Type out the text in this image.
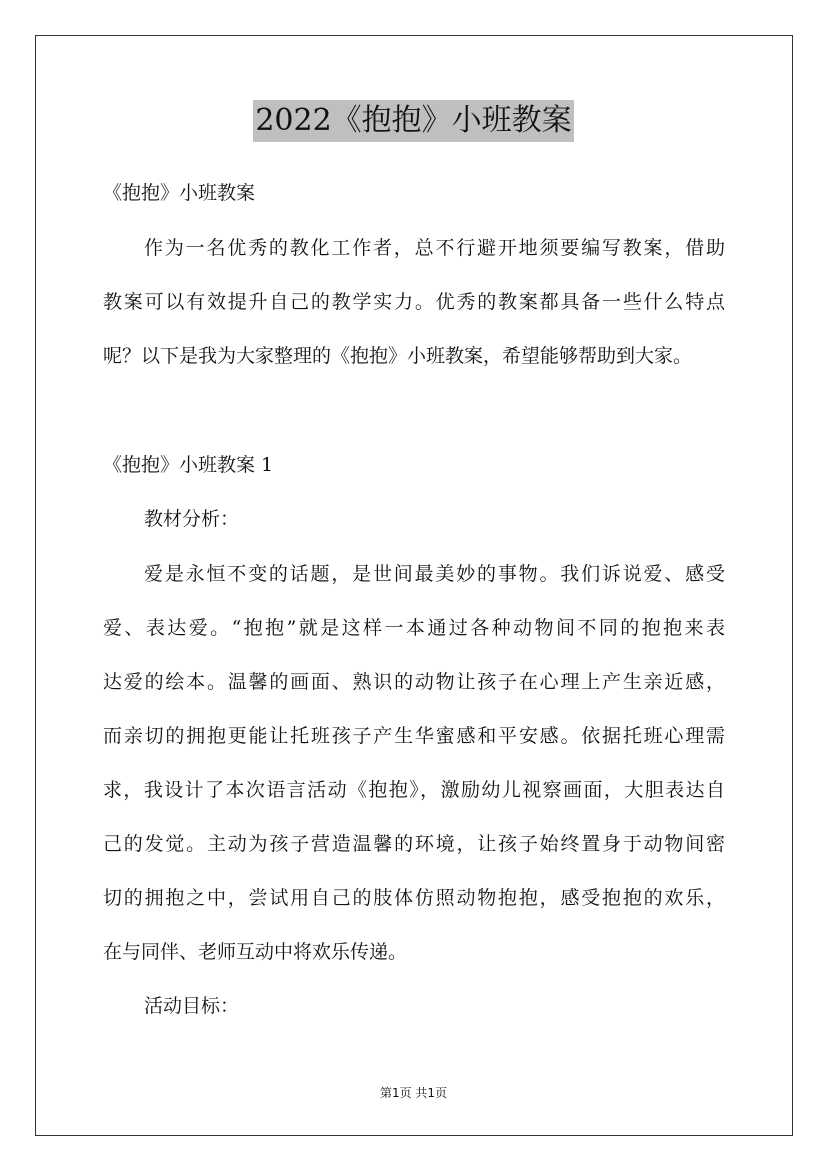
2022《抱抱》小班教案
《抱抱》小班教案
作为一名优秀的教化工作者，总不行避开地须要编写教案，借助
教案可以有效提升自己的教学实力。优秀的教案都具备一些什么特点
呢？以下是我为大家整理的《抱抱》小班教案，希望能够帮助到大家。
《抱抱》小班教案 1
教材分析：
爱是永恒不变的话题，是世间最美妙的事物。我们诉说爱、感受
爱、表达爱。“抱抱”就是这样一本通过各种动物间不同的抱抱来表
达爱的绘本。温馨的画面、熟识的动物让孩子在心理上产生亲近感，
而亲切的拥抱更能让托班孩子产生华蜜感和平安感。依据托班心理需
求，我设计了本次语言活动《抱抱》，激励幼儿视察画面，大胆表达自
己的发觉。主动为孩子营造温馨的环境，让孩子始终置身于动物间密
切的拥抱之中，尝试用自己的肢体仿照动物抱抱，感受抱抱的欢乐，
在与同伴、老师互动中将欢乐传递。
活动目标：
第1页 共1页
